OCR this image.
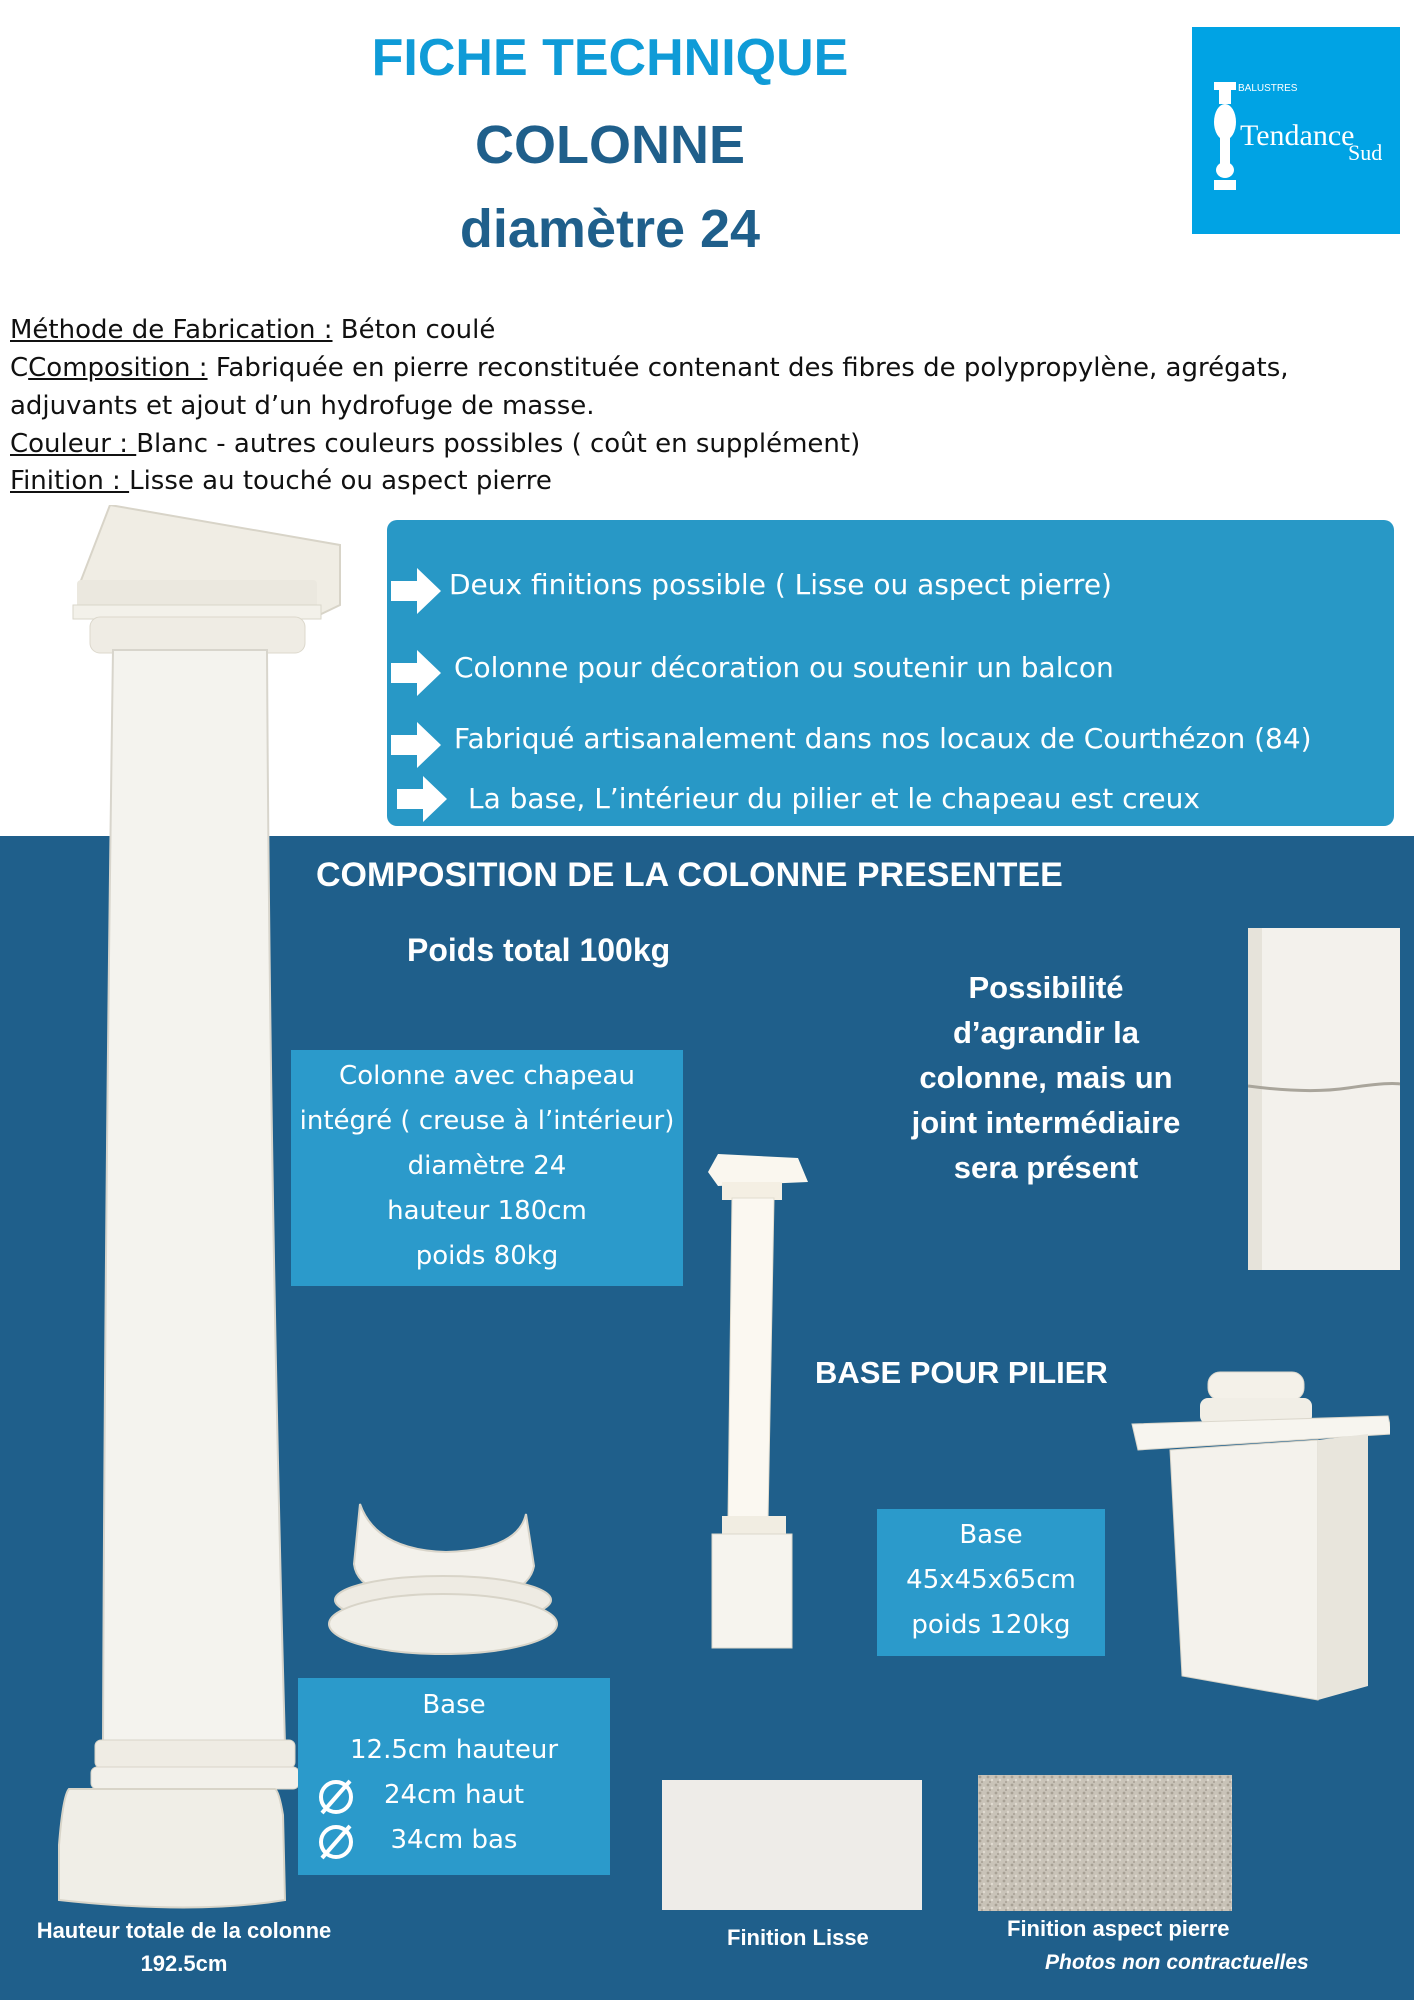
FICHE TECHNIQUE
COLONNE
diamètre 24
BALUSTRES
Tendance
Sud
Méthode de Fabrication : Béton coulé
CComposition : Fabriquée en pierre reconstituée contenant des fibres de polypropylène, agrégats,
adjuvants et ajout d’un hydrofuge de masse.
Couleur : Blanc - autres couleurs possibles ( coût en supplément)
Finition : Lisse au touché ou aspect pierre
Deux finitions possible ( Lisse ou aspect pierre)
Colonne pour décoration ou soutenir un balcon
Fabriqué artisanalement dans nos locaux de Courthézon (84)
La base, L’intérieur du pilier et le chapeau est creux
COMPOSITION DE LA COLONNE PRESENTEE
Poids total 100kg
Possibilité
d’agrandir la
colonne, mais un
joint intermédiaire
sera présent
Colonne avec chapeau
intégré ( creuse à l’intérieur)
diamètre 24
hauteur 180cm
poids 80kg
BASE POUR PILIER
Base
45x45x65cm
poids 120kg
Base
12.5cm hauteur
24cm haut
34cm bas
Hauteur totale de la colonne
192.5cm
Finition Lisse	Finition aspect pierre
Photos non contractuelles
